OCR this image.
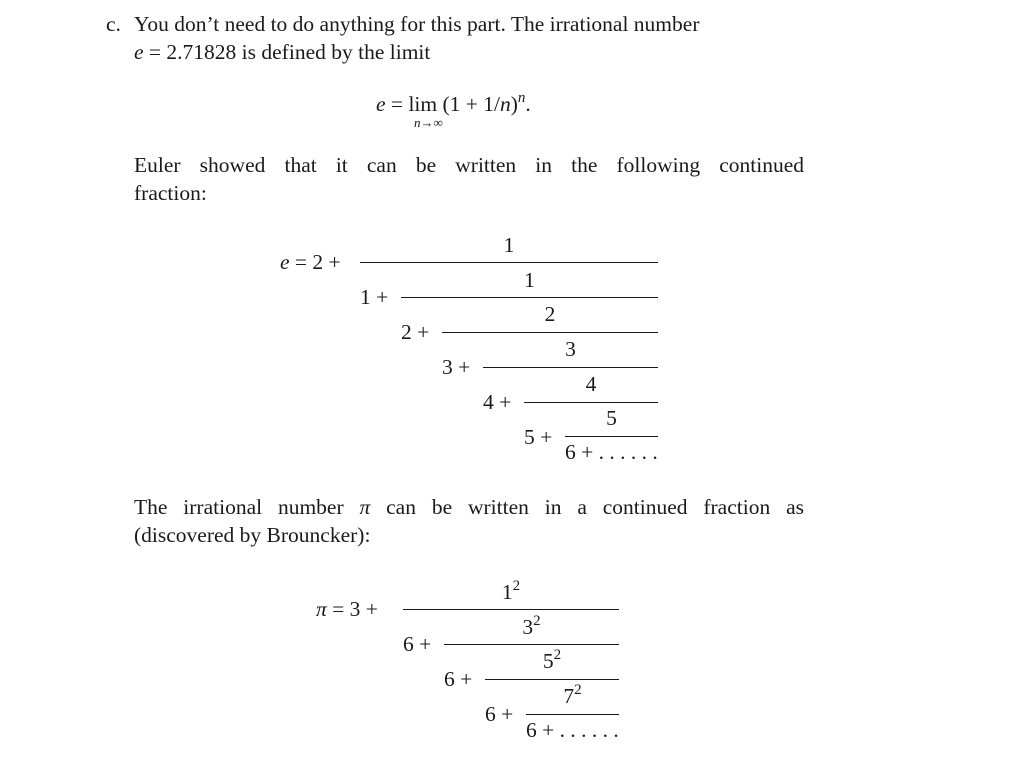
c. You don’t need to do anything for this part. The irrational number
e = 2.71828 is defined by the limit
$e = \lim (1 + 1/n)^n$.
n→∞
Euler showed that it can be written in the following continued
fraction:
e = 2 +
1
1 +
1
2 +
2
3 +
3
4 +
4
5 +
5
6 + . . . . . .
The irrational number π can be written in a continued fraction as
(discovered by Brouncker):
π = 3 +
$1^2$
6 +
$3^2$
6 +
$5^2$
6 +
$7^2$
6 + . . . . . .
